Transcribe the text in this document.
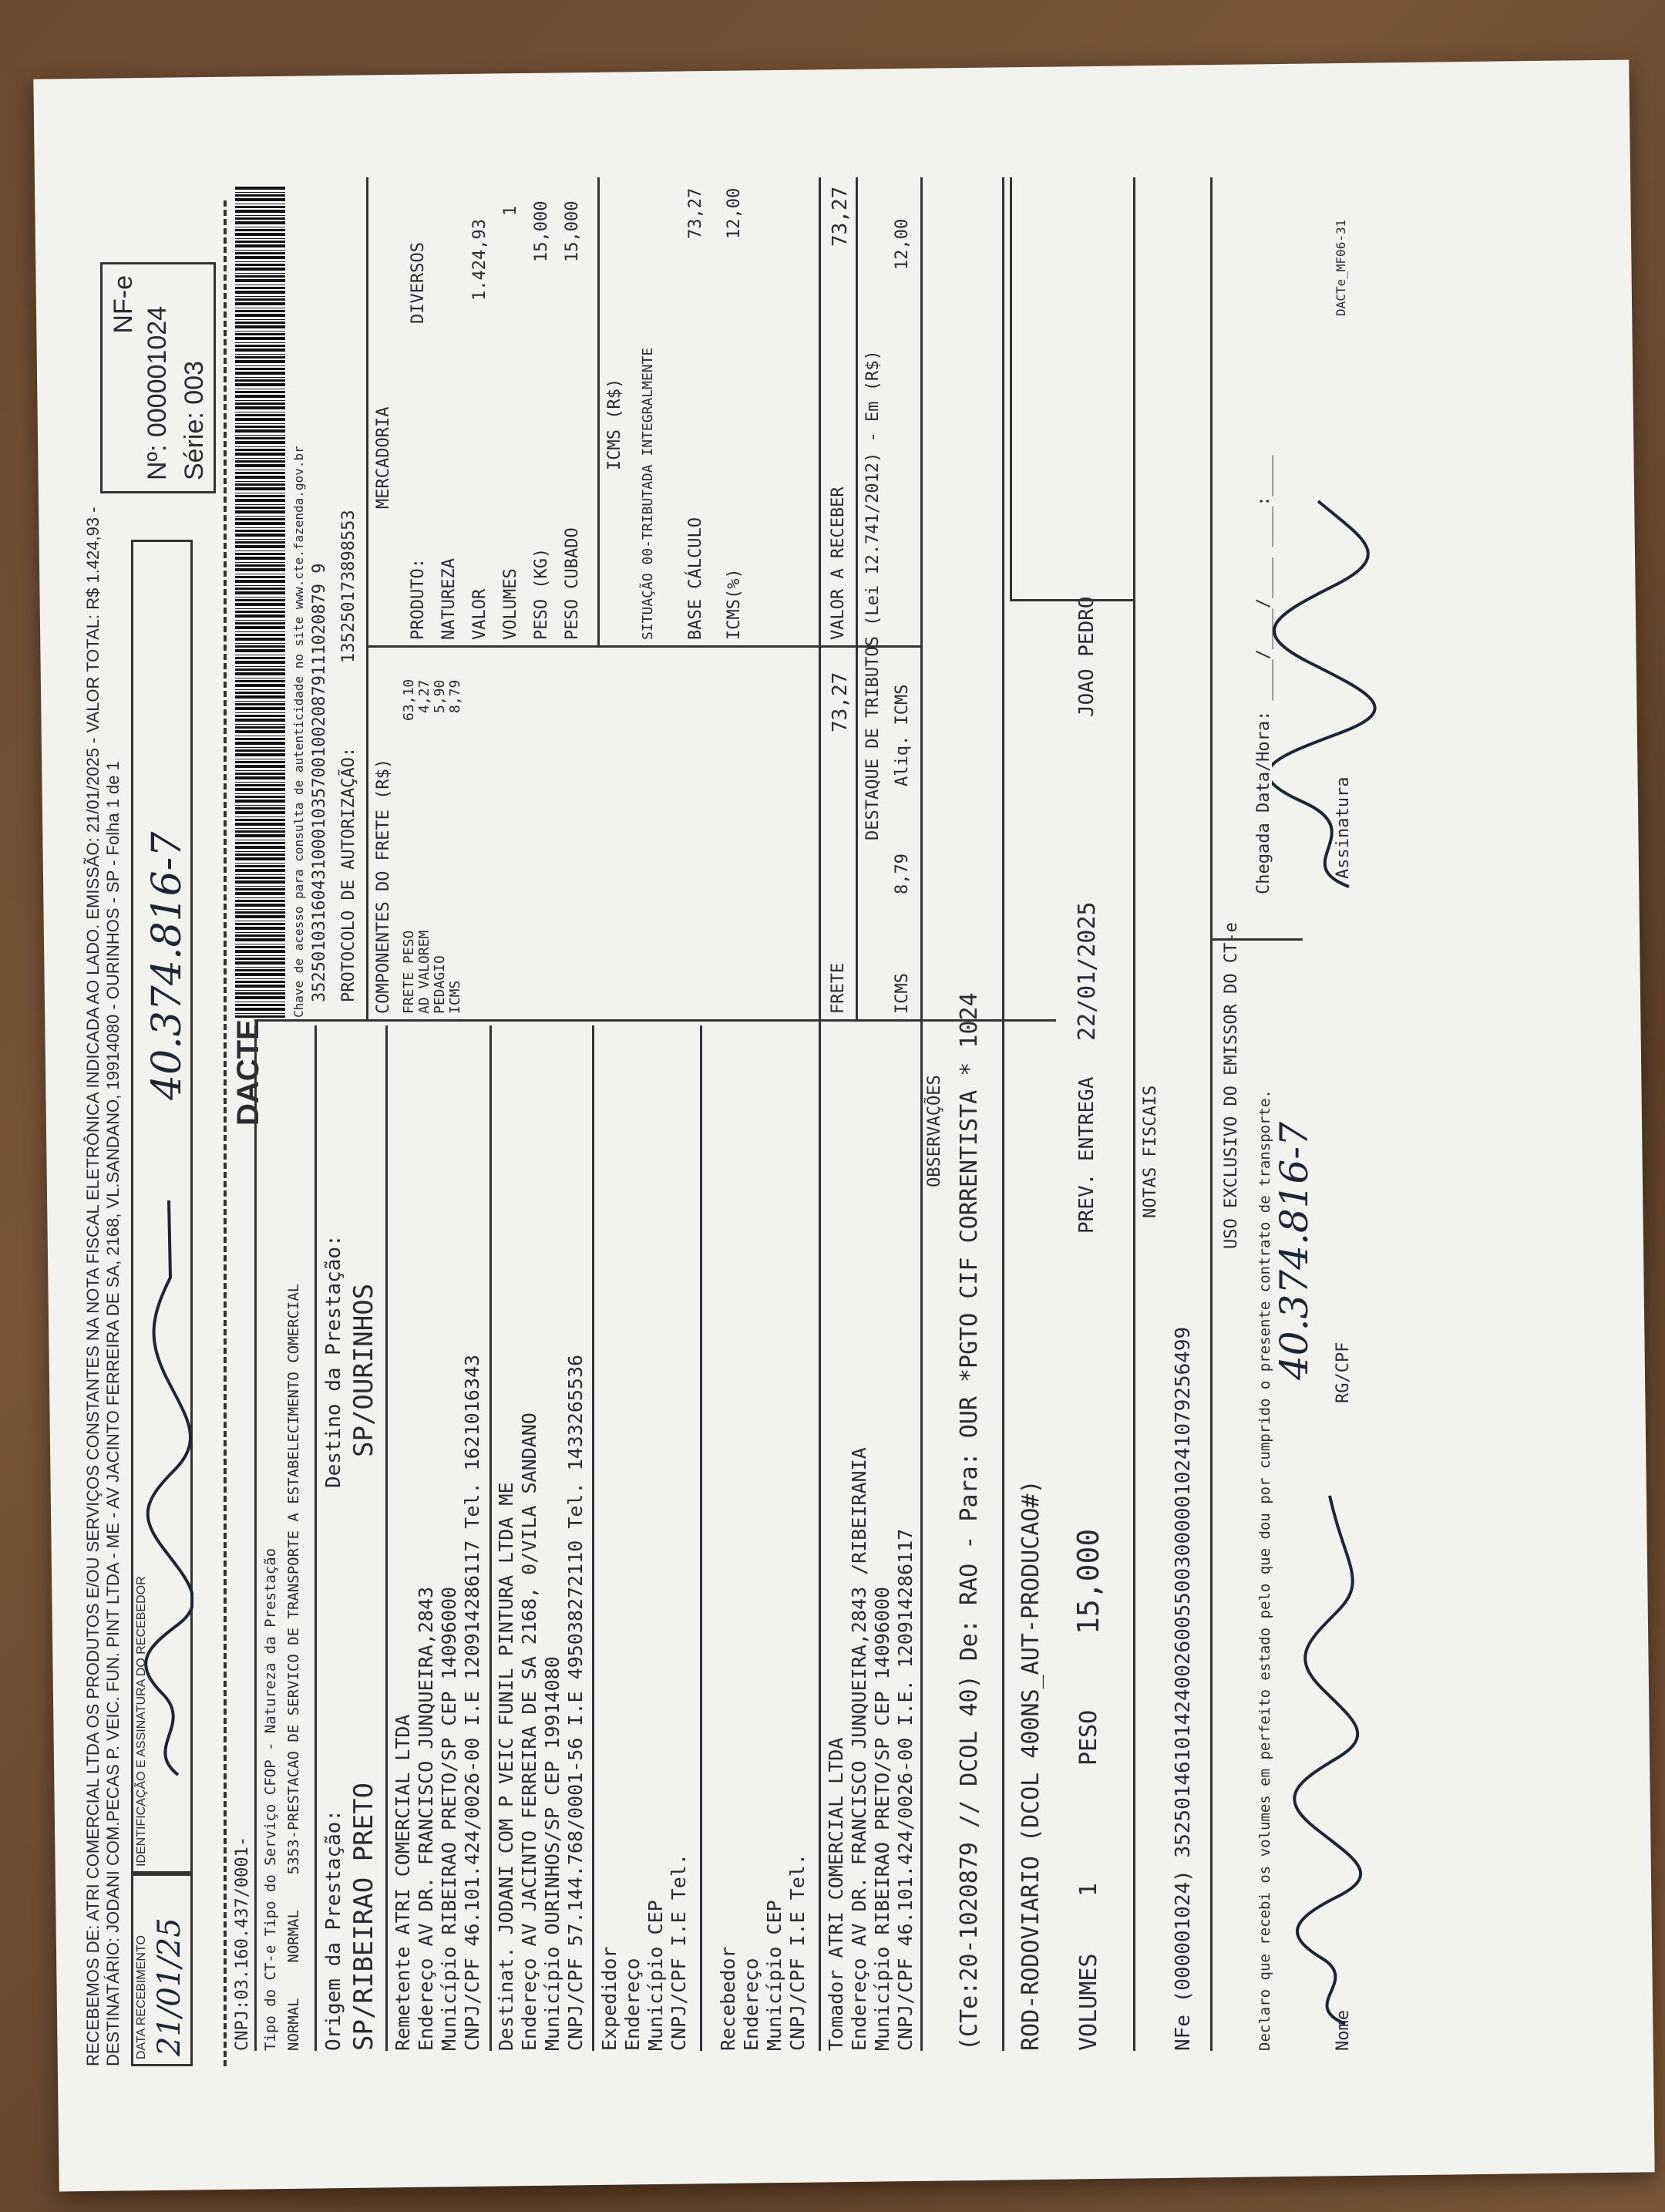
RECEBEMOS DE: ATRI COMERCIAL LTDA OS PRODUTOS E/OU SERVIÇOS CONSTANTES NA NOTA FISCAL ELETRÔNICA INDICADA AO LADO. EMISSÃO: 21/01/2025 - VALOR TOTAL: R$ 1.424,93 - DESTINATÁRIO: JODANI COM.PECAS P. VEIC. FUN. PINT LTDA - ME - AV JACINTO FERREIRA DE SA, 2168, VL.SANDANO, 19914080 - OURINHOS - SP - Folha 1 de 1 DATA RECEBIMENTO 21/01/25
IDENTIFICAÇÃO E ASSINATURA DO RECEBEDOR
40.374.816-7
NF-e
Nº: 000001024 Série: 003
CNPJ:03.160.437/0001-
DACTE
Chave de acesso para consulta de autenticidade no site www.cte.fazenda.gov.br 35250103160431000103570010020879111020879 9 PROTOCOLO DE AUTORIZAÇÃO:
135250173898553
Tipo do CT-e Tipo do Serviço CFOP - Natureza da Prestação
NORMAL    NORMAL    5353-PRESTACAO DE SERVICO DE TRANSPORTE A ESTABELECIMENTO COMERCIAL
Origem da Prestação: SP/RIBEIRAO PRETO
Destino da Prestação: SP/OURINHOS
Remetente ATRI COMERCIAL LTDA Endereço AV DR. FRANCISCO JUNQUEIRA,2843 Município RIBEIRAO PRETO/SP CEP 14096000 CNPJ/CPF 46.101.424/0026-00 I.E 120914286117 Tel. 1621016343 Destinat. JODANI COM P VEIC FUNIL PINTURA LTDA ME Endereço AV JACINTO FERREIRA DE SA 2168, 0/VILA SANDANO Município OURINHOS/SP CEP 19914080 CNPJ/CPF 57.144.768/0001-56 I.E 495038272110 Tel. 1433265536 Expedidor Endereço Município CEP CNPJ/CPF I.E Tel. Recebedor Endereço Município CEP CNPJ/CPF I.E Tel. Tomador ATRI COMERCIAL LTDA Endereço AV DR. FRANCISCO JUNQUEIRA,2843 /RIBEIRANIA Município RIBEIRAO PRETO/SP CEP 14096000 CNPJ/CPF 46.101.424/0026-00 I.E. 120914286117
COMPONENTES DO FRETE (R$) FRETE PESO
63,10
AD VALOREM
4,27
PEDAGIO
5,90
ICMS
8,79
MERCADORIA
PRODUTO:
DIVERSOS
NATUREZA VALOR
1.424,93
VOLUMES
1
PESO (KG)
15,000
PESO CUBADO
15,000
ICMS (R$) SITUAÇÃO 00-TRIBUTADA INTEGRALMENTE BASE CÁLCULO
73,27
ICMS(%)
12,00
FRETE
73,27
VALOR A RECEBER
73,27
DESTAQUE DE TRIBUTOS (Lei 12.741/2012) - Em (R$)
ICMS
8,79
Aliq. ICMS
12,00
OBSERVAÇÕES (CTe:20-1020879 // DCOL 40) De: RAO - Para: OUR *PGTO CIF CORRENTISTA * 1024 ROD-RODOVIARIO (DCOL 400NS_AUT-PRODUCAO#) VOLUMES
1
PESO
15,000
PREV. ENTREGA
22/01/2025
JOAO PEDRO
NOTAS FISCAIS
NFe (000001024) 35250146101424002600550030000010241079256499
USO EXCLUSIVO DO EMISSOR DO CT-e
Declaro que recebi os volumes em perfeito estado pelo que dou por cumprido o presente contrato de transporte.
Chegada Data/Hora: ____/____/____ ____:____
Nome
RG/CPF
Assinatura
DACTe_MF06-31
40.374.816-7
